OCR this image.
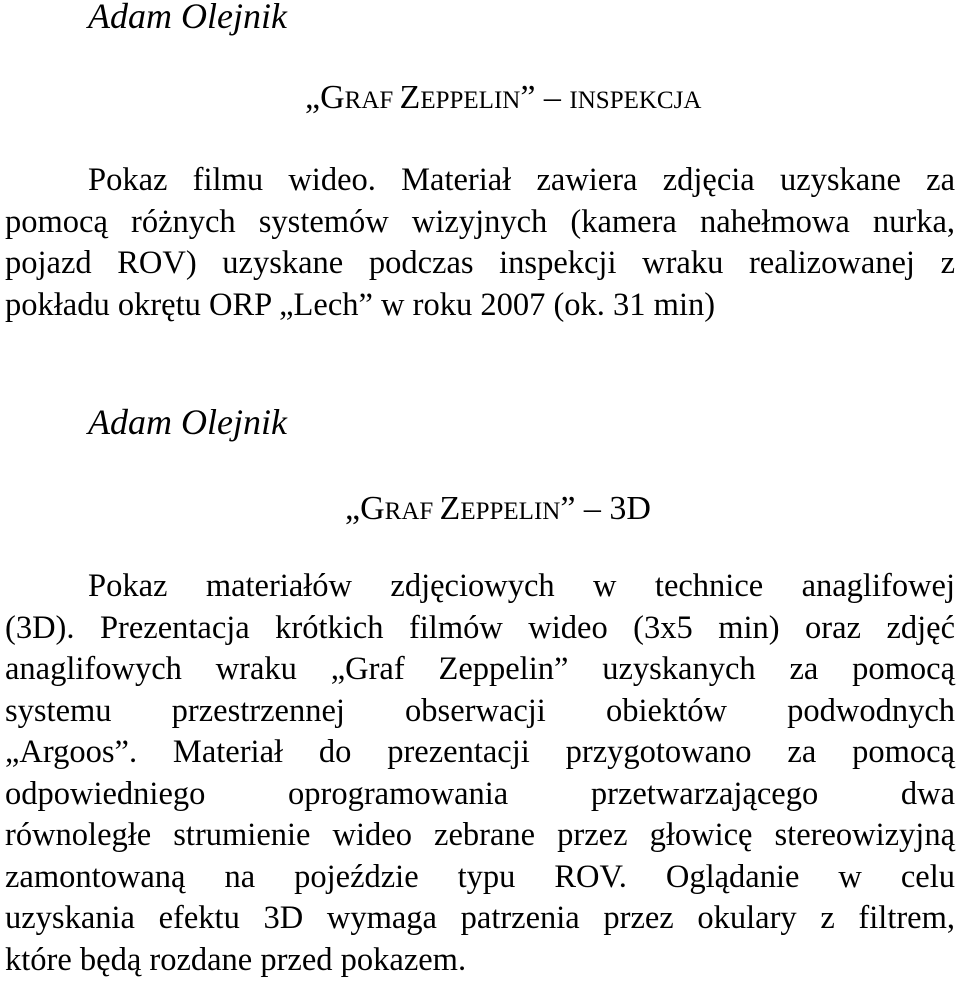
Adam Olejnik
„GRAF ZEPPELIN” – INSPEKCJA
Pokaz filmu wideo. Materiał zawiera zdjęcia uzyskane za
pomocą różnych systemów wizyjnych (kamera nahełmowa nurka,
pojazd ROV) uzyskane podczas inspekcji wraku realizowanej z
pokładu okrętu ORP „Lech” w roku 2007 (ok. 31 min)
Adam Olejnik
„GRAF ZEPPELIN” – 3D
Pokaz materiałów zdjęciowych w technice anaglifowej
(3D). Prezentacja krótkich filmów wideo (3x5 min) oraz zdjęć
anaglifowych wraku „Graf Zeppelin” uzyskanych za pomocą
systemu przestrzennej obserwacji obiektów podwodnych
„Argoos”. Materiał do prezentacji przygotowano za pomocą
odpowiedniego oprogramowania przetwarzającego dwa
równoległe strumienie wideo zebrane przez głowicę stereowizyjną
zamontowaną na pojeździe typu ROV. Oglądanie w celu
uzyskania efektu 3D wymaga patrzenia przez okulary z filtrem,
które będą rozdane przed pokazem.
